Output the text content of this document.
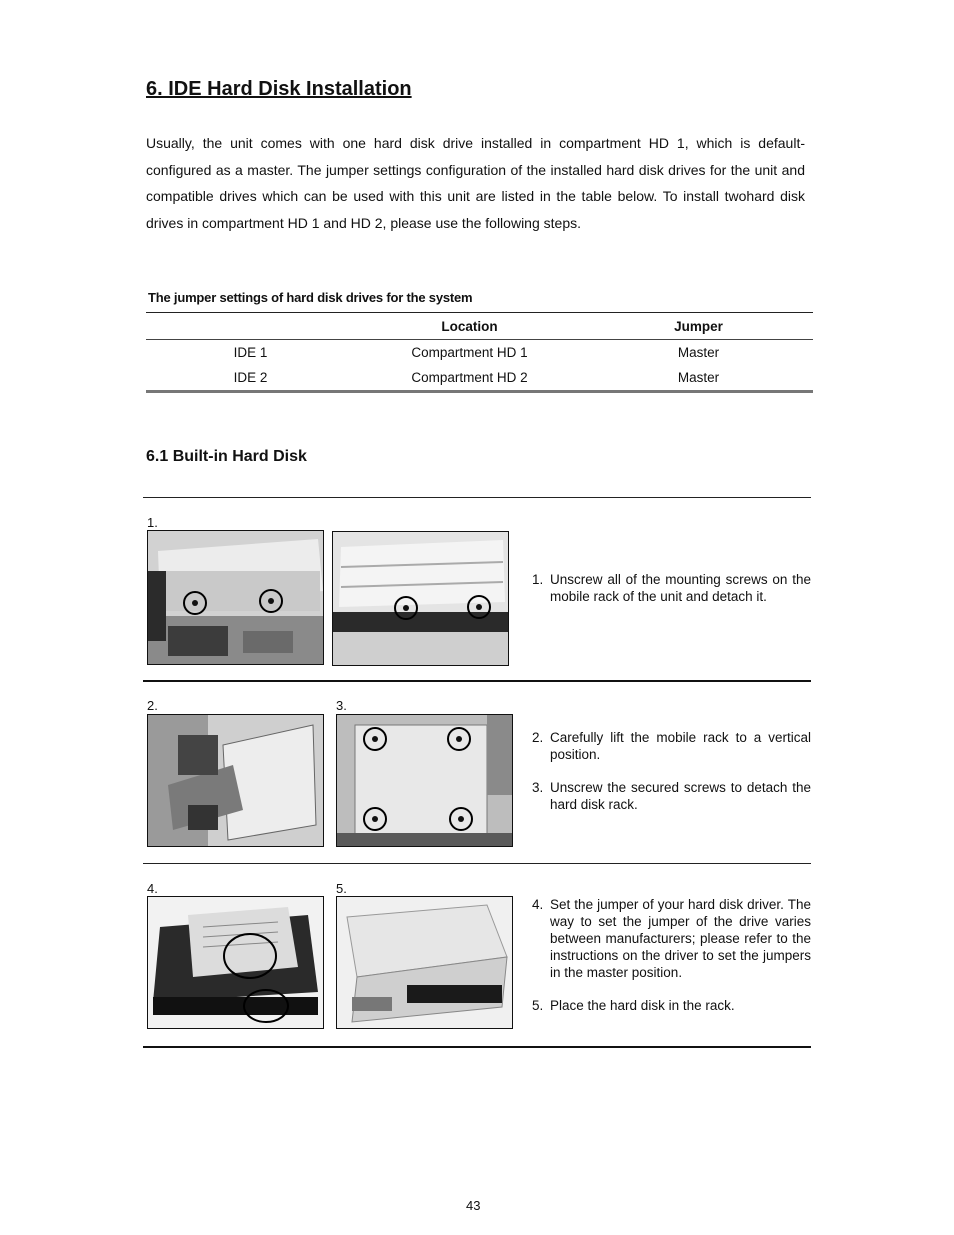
6. IDE Hard Disk Installation

Usually, the unit comes with one hard disk drive installed in compartment HD 1, which is default-configured as a master. The jumper settings configuration of the installed hard disk drives for the unit and compatible drives which can be used with this unit are listed in the table below. To install twohard disk drives in compartment HD 1 and HD 2, please use the following steps.

The jumper settings of hard disk drives for the system
	Location	Jumper
IDE 1	Compartment HD 1	Master
IDE 2	Compartment HD 2	Master
6.1 Built-in Hard Disk
1.
1. Unscrew all of the mounting screws on the mobile rack of the unit and detach it.
2.	3.
2. Carefully lift the mobile rack to a vertical position.
3. Unscrew the secured screws to detach the hard disk rack.
4.	5.
4. Set the jumper of your hard disk driver. The way to set the jumper of the drive varies between manufacturers; please refer to the instructions on the driver to set the jumpers in the master position.
5. Place the hard disk in the rack.
43
